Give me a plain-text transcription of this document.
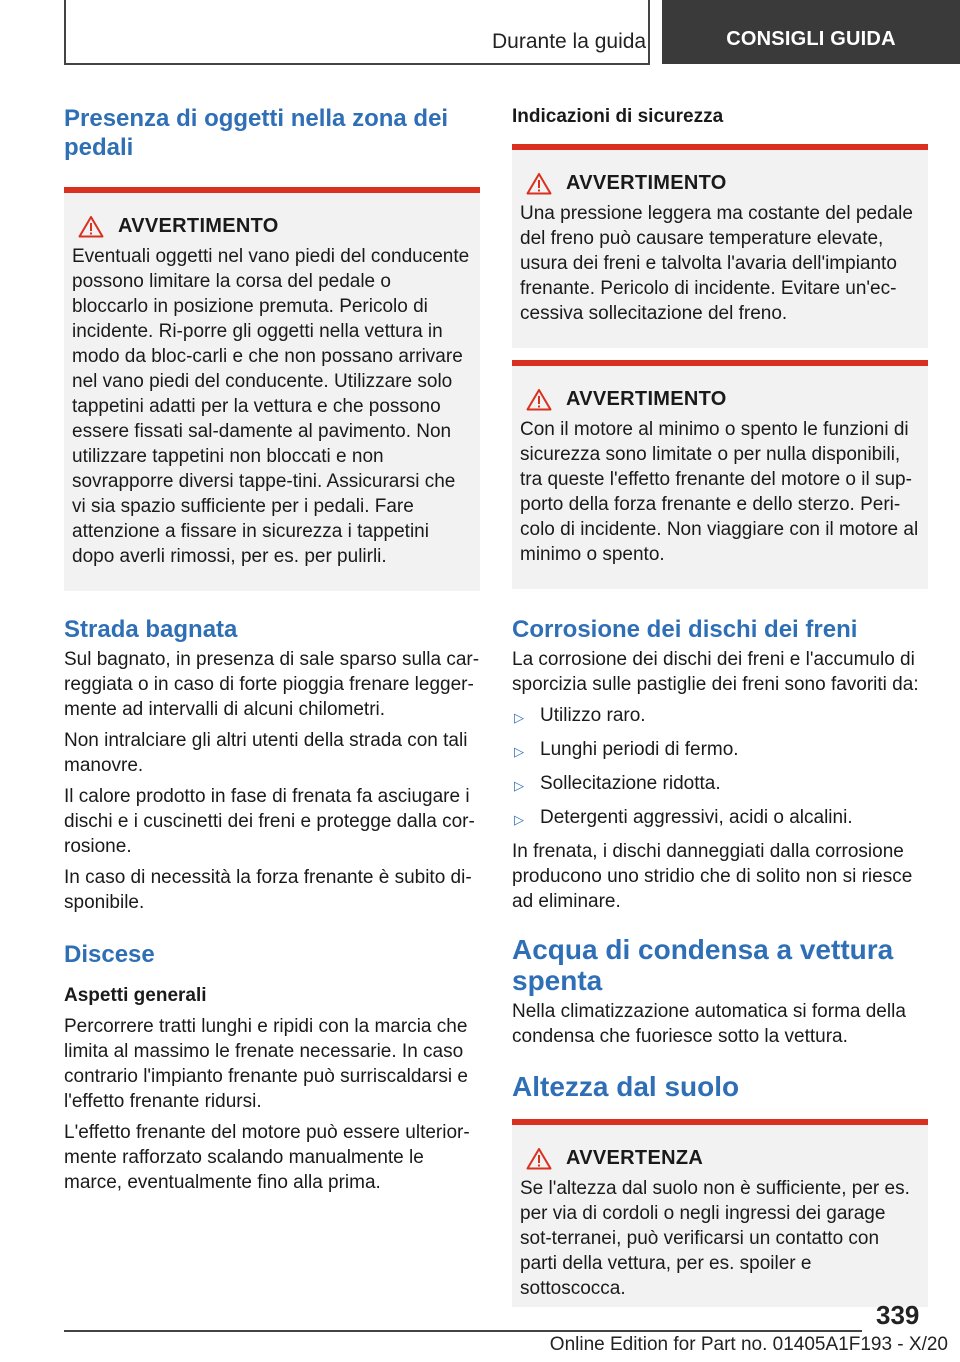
Durante la guida	CONSIGLI GUIDA
Presenza di oggetti nella zona dei pedali
AVVERTIMENTO

Eventuali oggetti nel vano piedi del conducente possono limitare la corsa del pedale o bloccarlo in posizione premuta. Pericolo di incidente. Ri-porre gli oggetti nella vettura in modo da bloc-carli e che non possano arrivare nel vano piedi del conducente. Utilizzare solo tappetini adatti per la vettura e che possono essere fissati sal-damente al pavimento. Non utilizzare tappetini non bloccati e non sovrapporre diversi tappe-tini. Assicurarsi che vi sia spazio sufficiente per i pedali. Fare attenzione a fissare in sicurezza i tappetini dopo averli rimossi, per es. per pulirli.

Strada bagnata

Sul bagnato, in presenza di sale sparso sulla car-reggiata o in caso di forte pioggia frenare legger-mente ad intervalli di alcuni chilometri.

Non intralciare gli altri utenti della strada con tali manovre.

Il calore prodotto in fase di frenata fa asciugare i dischi e i cuscinetti dei freni e protegge dalla cor-rosione.

In caso di necessità la forza frenante è subito di-sponibile.

Discese
Aspetti generali

Percorrere tratti lunghi e ripidi con la marcia che limita al massimo le frenate necessarie. In caso contrario l'impianto frenante può surriscaldarsi e l'effetto frenante ridursi.

L'effetto frenante del motore può essere ulterior-mente rafforzato scalando manualmente le marce, eventualmente fino alla prima.

Indicazioni di sicurezza
AVVERTIMENTO

Una pressione leggera ma costante del pedale del freno può causare temperature elevate, usura dei freni e talvolta l'avaria dell'impianto frenante. Pericolo di incidente. Evitare un'ec-cessiva sollecitazione del freno.

AVVERTIMENTO

Con il motore al minimo o spento le funzioni di sicurezza sono limitate o per nulla disponibili, tra queste l'effetto frenante del motore o il sup-porto della forza frenante e dello sterzo. Peri-colo di incidente. Non viaggiare con il motore al minimo o spento.

Corrosione dei dischi dei freni

La corrosione dei dischi dei freni e l'accumulo di sporcizia sulle pastiglie dei freni sono favoriti da:

▷ Utilizzo raro.
▷ Lunghi periodi di fermo.
▷ Sollecitazione ridotta.
▷ Detergenti aggressivi, acidi o alcalini.

In frenata, i dischi danneggiati dalla corrosione producono uno stridio che di solito non si riesce ad eliminare.

Acqua di condensa a vettura spenta

Nella climatizzazione automatica si forma della condensa che fuoriesce sotto la vettura.

Altezza dal suolo
AVVERTENZA

Se l'altezza dal suolo non è sufficiente, per es. per via di cordoli o negli ingressi dei garage sot-terranei, può verificarsi un contatto con parti della vettura, per es. spoiler e sottoscocca.

339
Online Edition for Part no. 01405A1F193 - X/20
